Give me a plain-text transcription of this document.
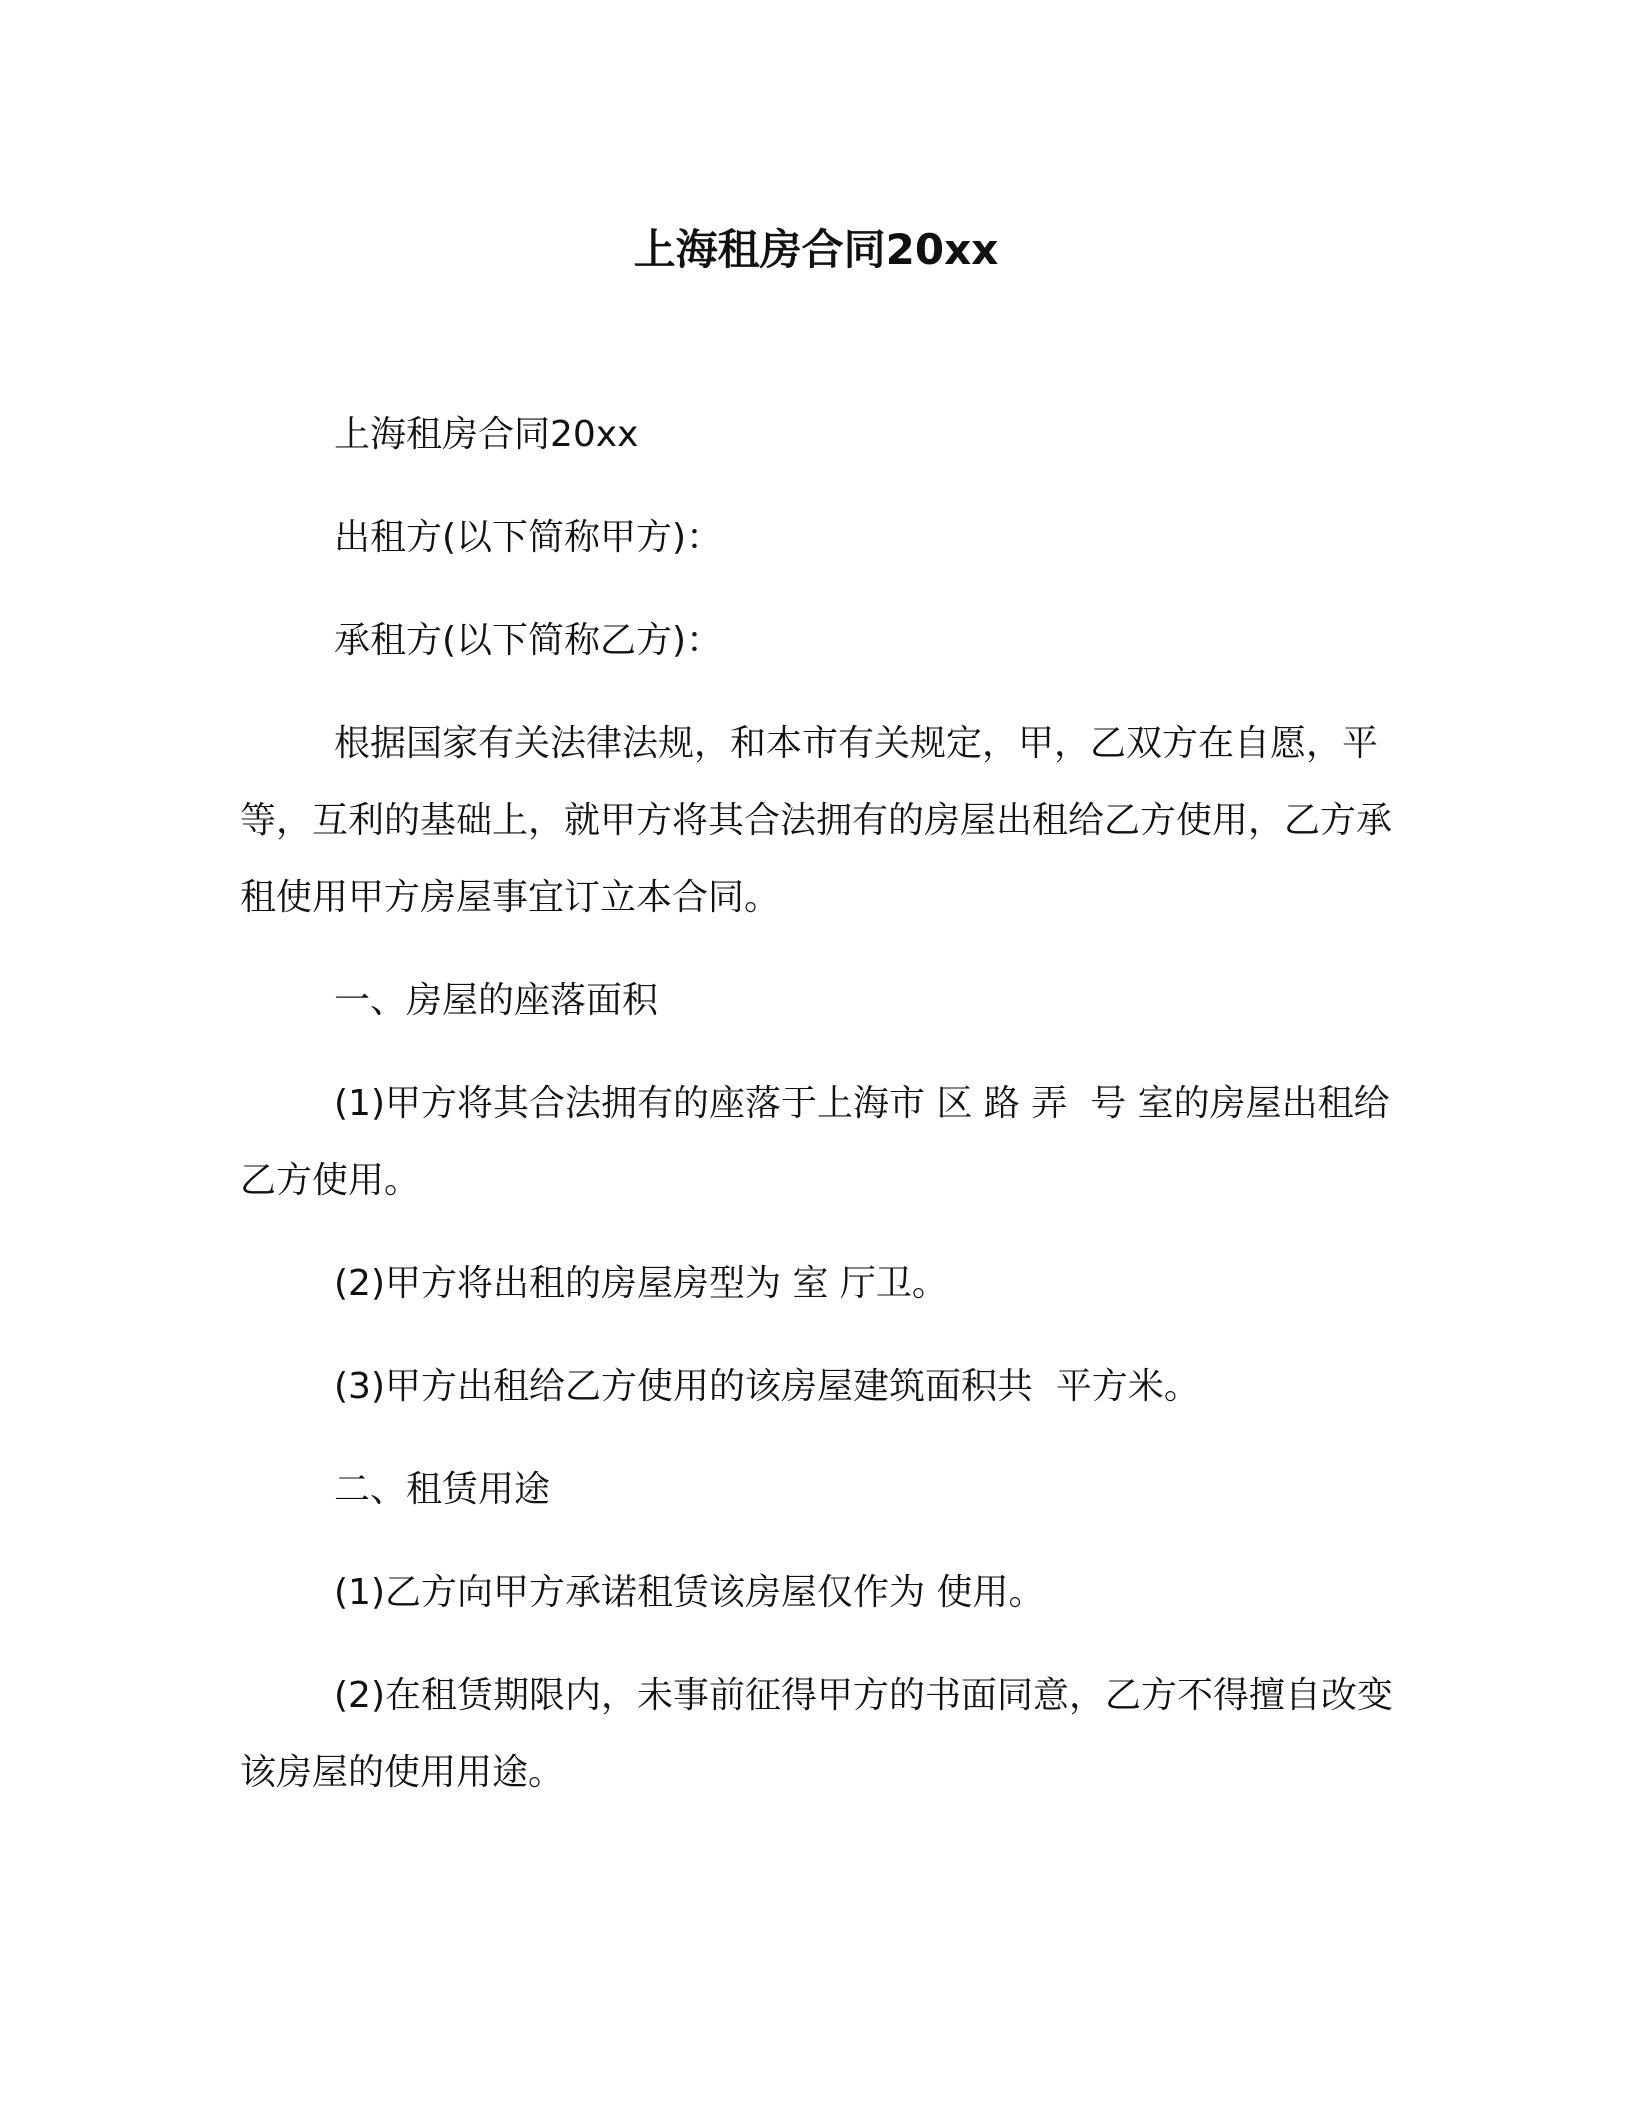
上海租房合同20xx

上海租房合同20xx

出租方(以下简称甲方)：

承租方(以下简称乙方)：

根据国家有关法律法规，和本市有关规定，甲，乙双方在自愿，平等，互利的基础上，就甲方将其合法拥有的房屋出租给乙方使用，乙方承租使用甲方房屋事宜订立本合同。

一、房屋的座落面积

(1)甲方将其合法拥有的座落于上海市 区 路 弄  号 室的房屋出租给乙方使用。

(2)甲方将出租的房屋房型为 室 厅卫。

(3)甲方出租给乙方使用的该房屋建筑面积共  平方米。

二、租赁用途

(1)乙方向甲方承诺租赁该房屋仅作为 使用。

(2)在租赁期限内，未事前征得甲方的书面同意，乙方不得擅自改变该房屋的使用用途。
